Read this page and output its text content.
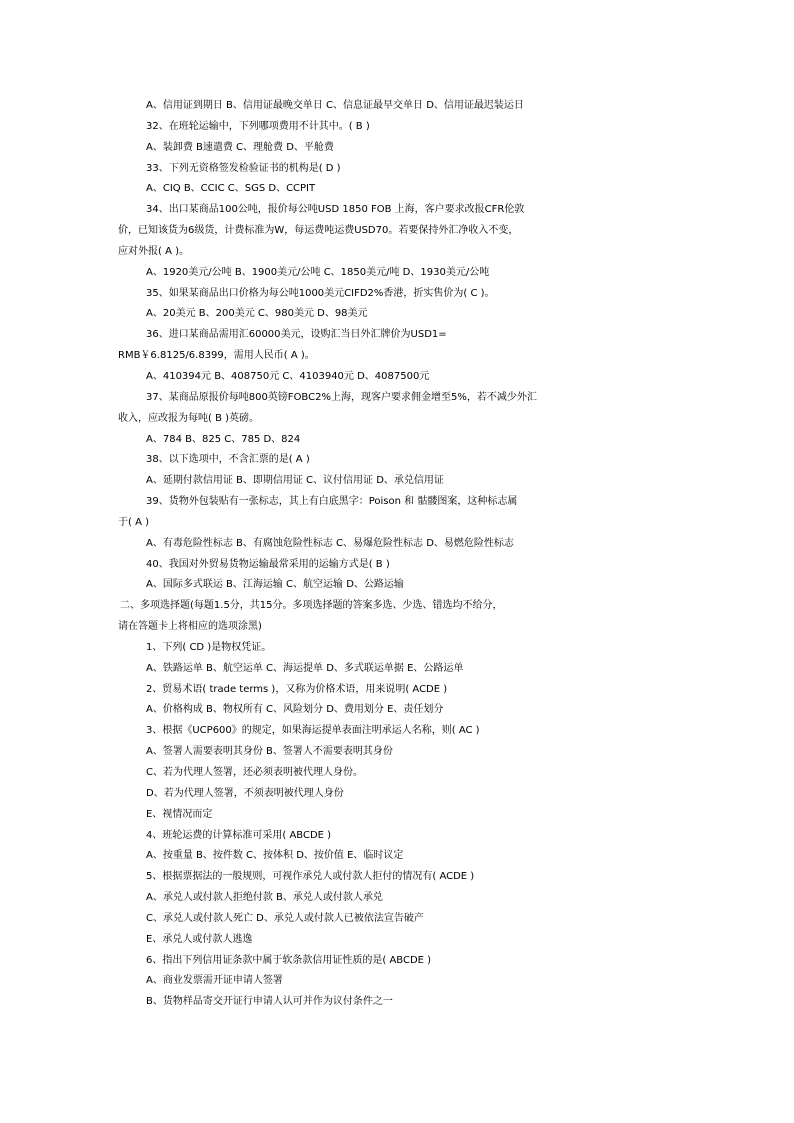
A、信用证到期日 B、信用证最晚交单日 C、信息证最早交单日 D、信用证最迟装运日
32、在班轮运输中，下列哪项费用不计其中。( B )
A、装卸费 B速遣费 C、理舱费 D、平舱费
33、下列无资格签发检验证书的机构是( D )
A、CIQ B、CCIC C、SGS D、CCPIT
34、出口某商品100公吨，报价每公吨USD 1850 FOB 上海，客户要求改报CFR伦敦
价，已知该货为6级货，计费标准为W，每运费吨运费USD70。若要保持外汇净收入不变，
应对外报( A )。
A、1920美元/公吨 B、1900美元/公吨 C、1850美元/吨 D、1930美元/公吨
35、如果某商品出口价格为每公吨1000美元CIFD2%香港，折实售价为( C )。
A、20美元 B、200美元 C、980美元 D、98美元
36、进口某商品需用汇60000美元，设购汇当日外汇牌价为USD1=
RMB￥6.8125/6.8399，需用人民币( A )。
A、410394元 B、408750元 C、4103940元 D、4087500元
37、某商品原报价每吨800英镑FOBC2%上海，现客户要求佣金增至5%，若不减少外汇
收入，应改报为每吨( B )英磅。
A、784 B、825 C、785 D、824
38、以下选项中，不含汇票的是( A )
A、延期付款信用证 B、即期信用证 C、议付信用证 D、承兑信用证
39、货物外包装贴有一张标志，其上有白底黑字：Poison 和 骷髅图案，这种标志属
于( A )
A、有毒危险性标志 B、有腐蚀危险性标志 C、易爆危险性标志 D、易燃危险性标志
40、我国对外贸易货物运输最常采用的运输方式是( B )
A、国际多式联运 B、江海运输 C、航空运输 D、公路运输
二、多项选择题(每题1.5分，共15分。多项选择题的答案多选、少选、错选均不给分，
请在答题卡上将相应的选项涂黑)
1、下列( CD )是物权凭证。
A、铁路运单 B、航空运单 C、海运提单 D、多式联运单据 E、公路运单
2、贸易术语( trade terms )，又称为价格术语，用来说明( ACDE )
A、价格构成 B、物权所有 C、风险划分 D、费用划分 E、责任划分
3、根据《UCP600》的规定，如果海运提单表面注明承运人名称，则( AC )
A、签署人需要表明其身份 B、签署人不需要表明其身份
C、若为代理人签署，还必须表明被代理人身份。
D、若为代理人签署，不须表明被代理人身份
E、视情况而定
4、班轮运费的计算标准可采用( ABCDE )
A、按重量 B、按件数 C、按体积 D、按价值 E、临时议定
5、根据票据法的一般规则，可视作承兑人或付款人拒付的情况有( ACDE )
A、承兑人或付款人拒绝付款 B、承兑人或付款人承兑
C、承兑人或付款人死亡 D、承兑人或付款人已被依法宣告破产
E、承兑人或付款人逃逸
6、指出下列信用证条款中属于软条款信用证性质的是( ABCDE )
A、商业发票需开证申请人签署
B、货物样品寄交开证行申请人认可并作为议付条件之一
